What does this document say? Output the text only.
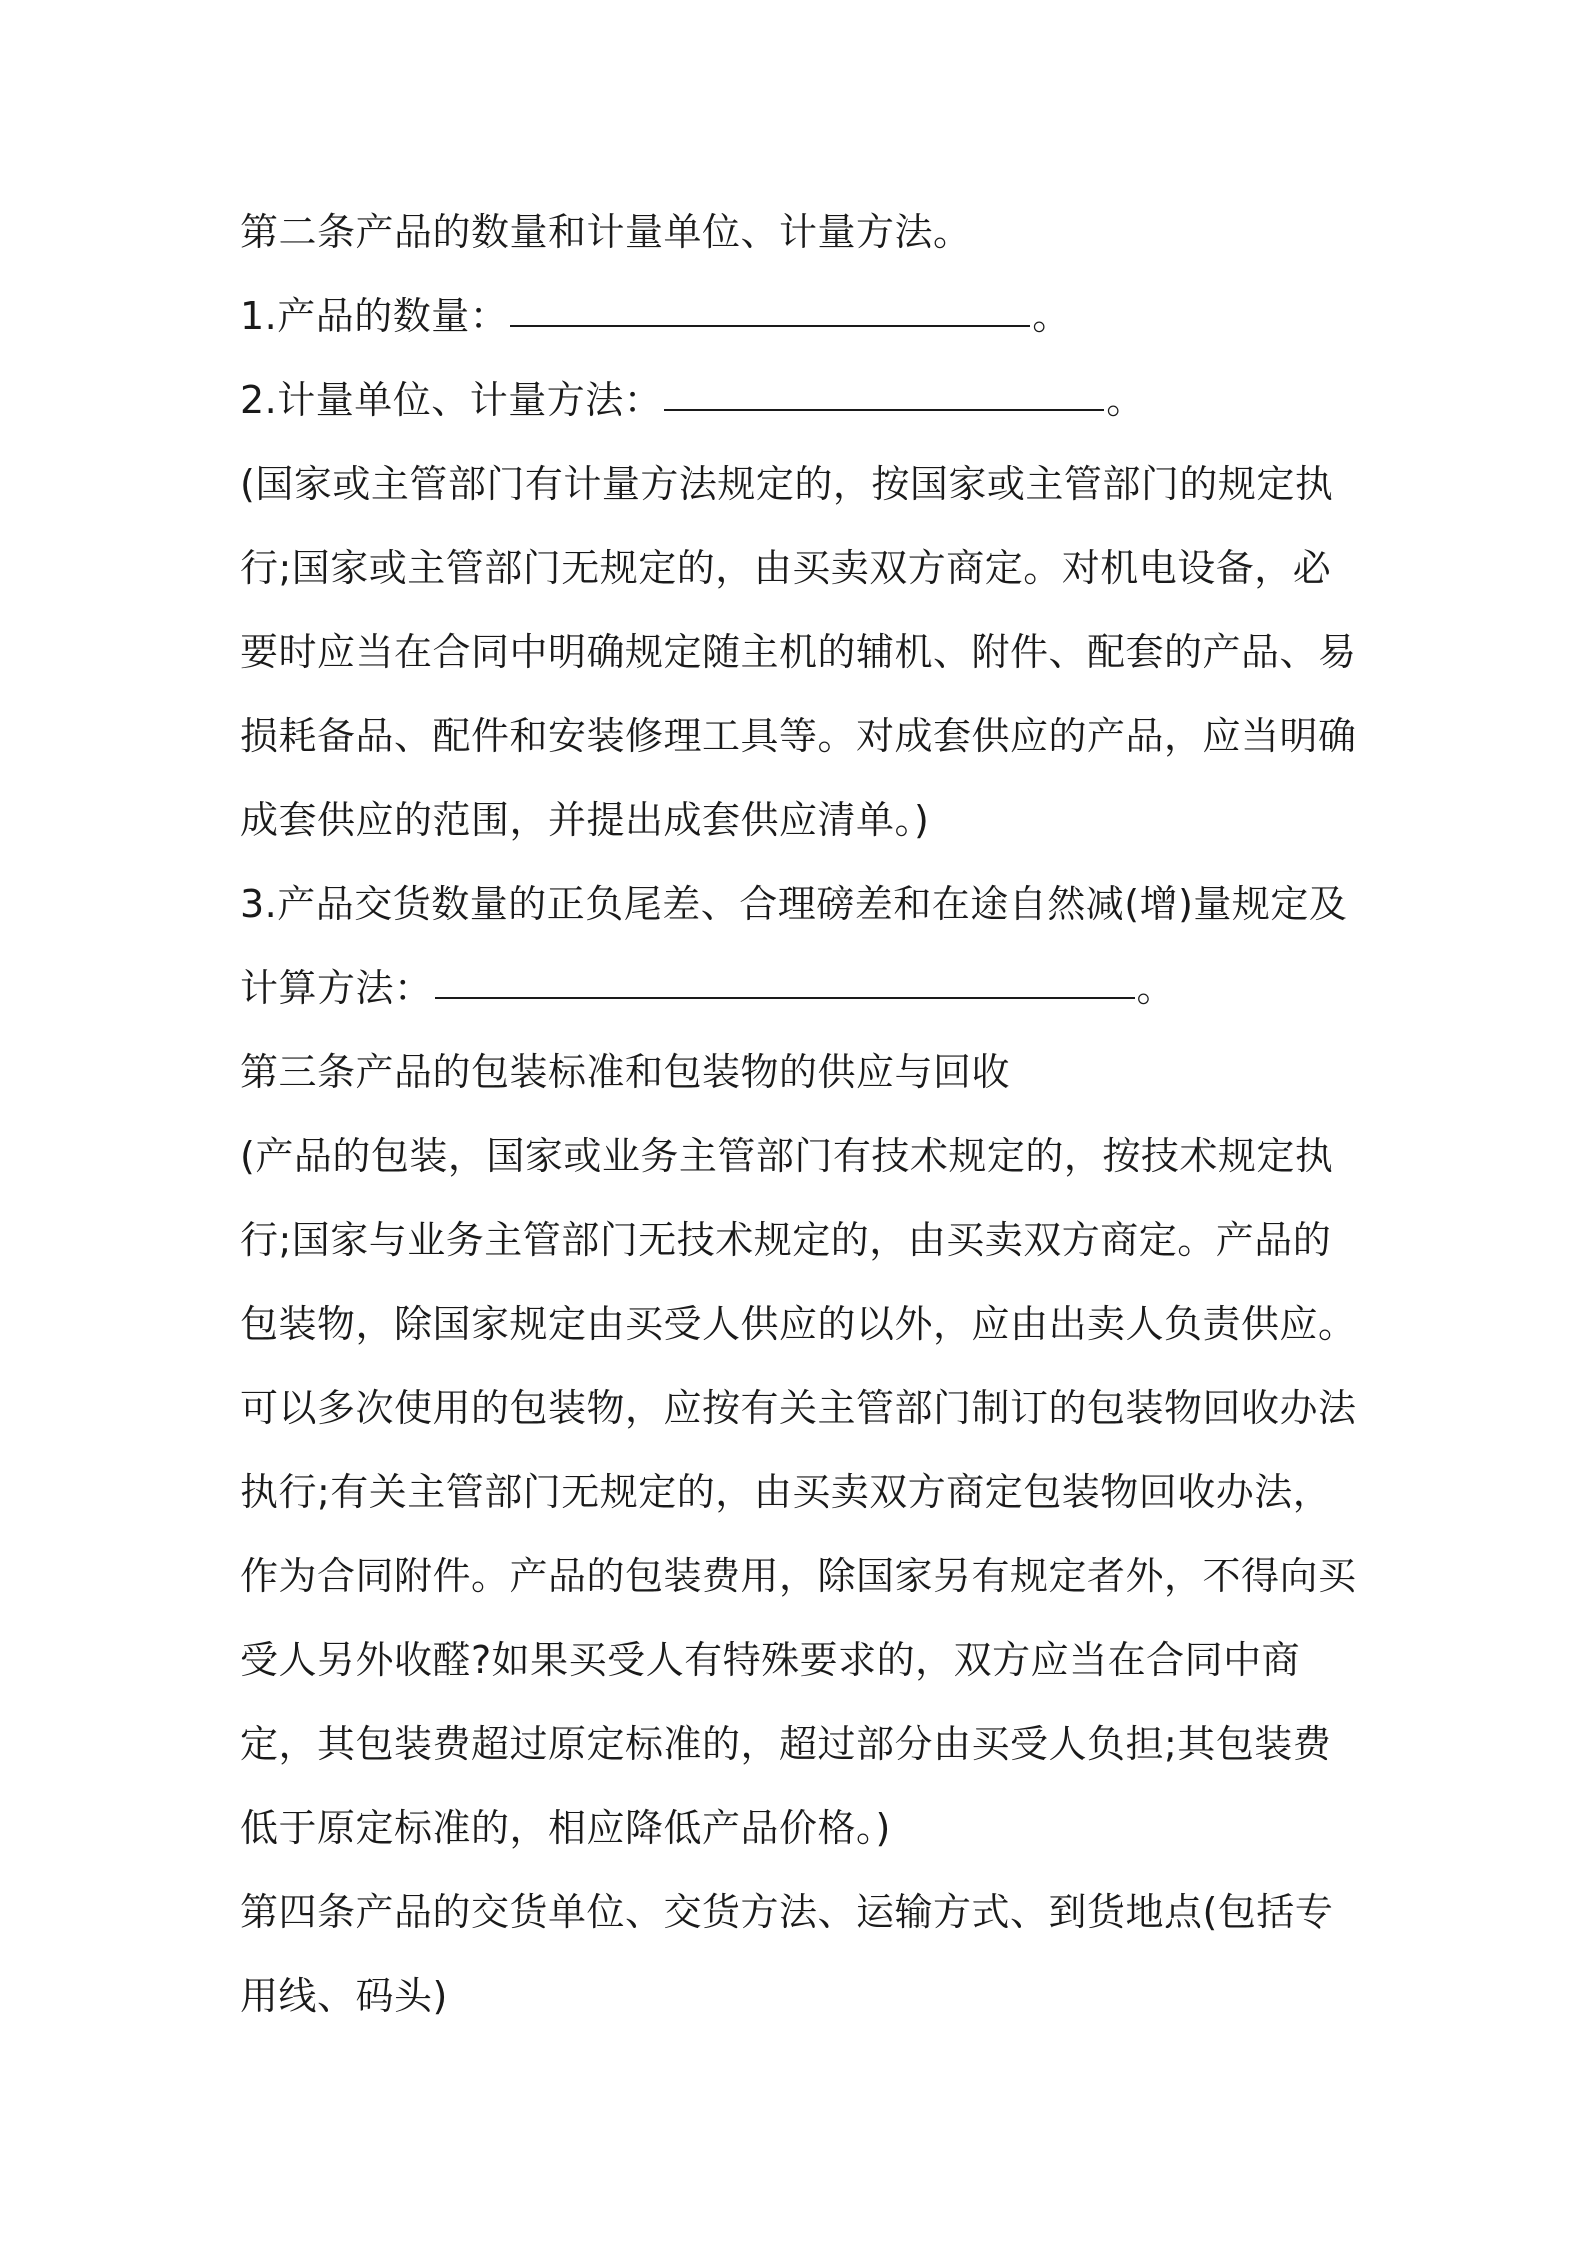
第二条产品的数量和计量单位、计量方法。

1.产品的数量：	。

2.计量单位、计量方法：	。

(国家或主管部门有计量方法规定的，按国家或主管部门的规定执行;国家或主管部门无规定的，由买卖双方商定。对机电设备，必要时应当在合同中明确规定随主机的辅机、附件、配套的产品、易损耗备品、配件和安装修理工具等。对成套供应的产品，应当明确成套供应的范围，并提出成套供应清单。)

3.产品交货数量的正负尾差、合理磅差和在途自然减(增)量规定及计算方法：	。

第三条产品的包装标准和包装物的供应与回收

(产品的包装，国家或业务主管部门有技术规定的，按技术规定执行;国家与业务主管部门无技术规定的，由买卖双方商定。产品的包装物，除国家规定由买受人供应的以外，应由出卖人负责供应。可以多次使用的包装物，应按有关主管部门制订的包装物回收办法执行;有关主管部门无规定的，由买卖双方商定包装物回收办法，作为合同附件。产品的包装费用，除国家另有规定者外，不得向买受人另外收醛?如果买受人有特殊要求的，双方应当在合同中商定，其包装费超过原定标准的，超过部分由买受人负担;其包装费低于原定标准的，相应降低产品价格。)

第四条产品的交货单位、交货方法、运输方式、到货地点(包括专用线、码头)
